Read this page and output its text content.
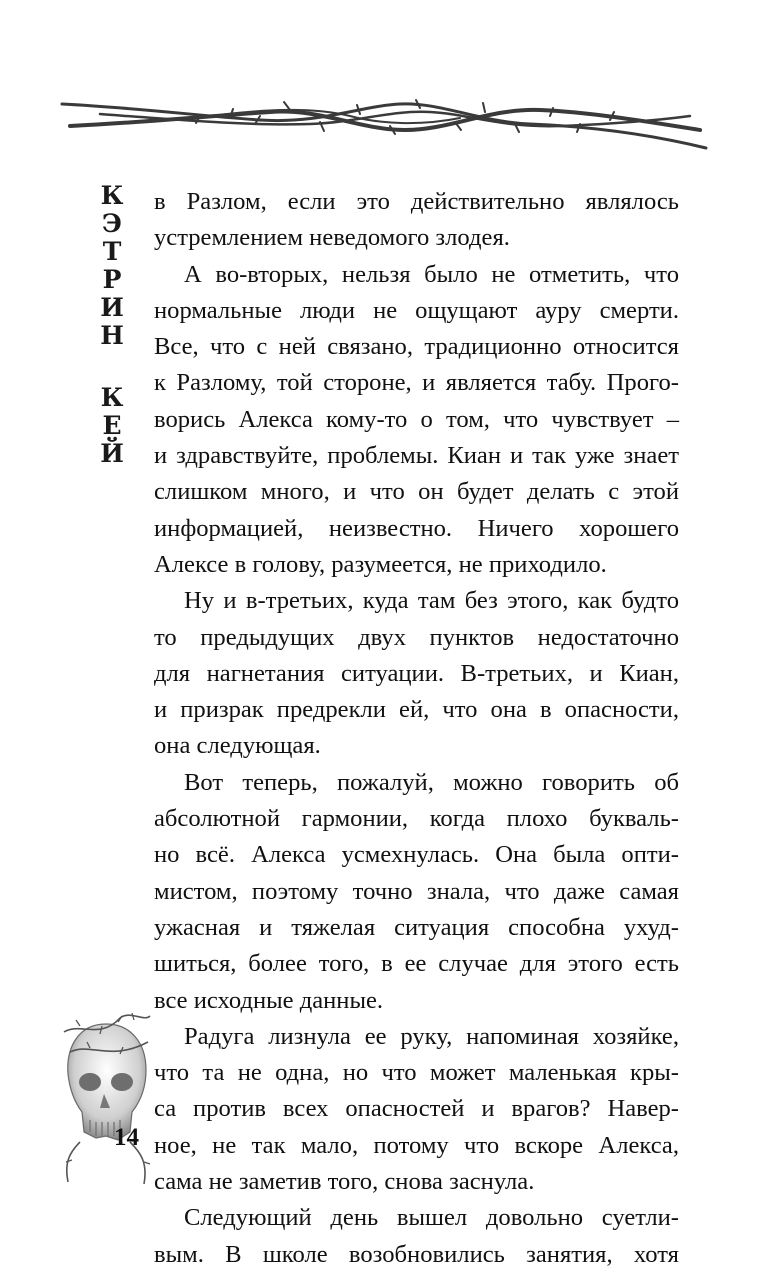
К
Э
Т
Р
И
Н
К
Е
Й

в Разлом, если это действительно являлось
устремлением неведомого злодея.

А во-вторых, нельзя было не отметить, что
нормальные люди не ощущают ауру смерти.
Все, что с ней связано, традиционно относится
к Разлому, той стороне, и является табу. Прого-
ворись Алекса кому-то о том, что чувствует –
и здравствуйте, проблемы. Киан и так уже знает
слишком много, и что он будет делать с этой
информацией, неизвестно. Ничего хорошего
Алексе в голову, разумеется, не приходило.

Ну и в-третьих, куда там без этого, как будто
то предыдущих двух пунктов недостаточно
для нагнетания ситуации. В-третьих, и Киан,
и призрак предрекли ей, что она в опасности,
она следующая.

Вот теперь, пожалуй, можно говорить об
абсолютной гармонии, когда плохо букваль-
но всё. Алекса усмехнулась. Она была опти-
мистом, поэтому точно знала, что даже самая
ужасная и тяжелая ситуация способна ухуд-
шиться, более того, в ее случае для этого есть
все исходные данные.

Радуга лизнула ее руку, напоминая хозяйке,
что та не одна, но что может маленькая кры-
са против всех опасностей и врагов? Навер-
ное, не так мало, потому что вскоре Алекса,
сама не заметив того, снова заснула.

Следующий день вышел довольно суетли-
вым. В школе возобновились занятия, хотя

14
